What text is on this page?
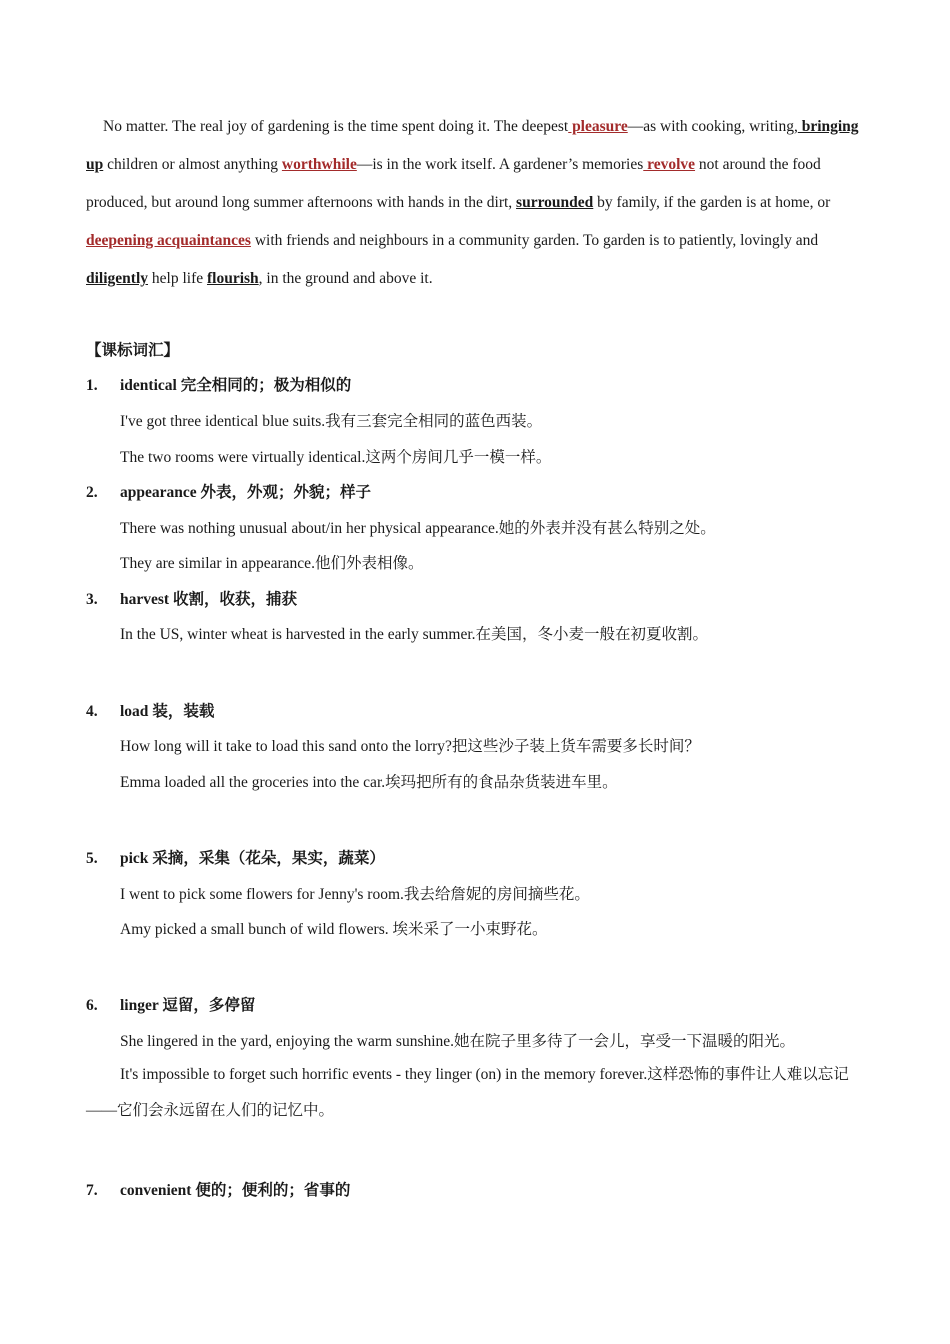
No matter. The real joy of gardening is the time spent doing it. The deepest pleasure—as with cooking, writing, bringing up children or almost anything worthwhile—is in the work itself. A gardener’s memories revolve not around the food produced, but around long summer afternoons with hands in the dirt, surrounded by family, if the garden is at home, or deepening acquaintances with friends and neighbours in a community garden. To garden is to patiently, lovingly and diligently help life flourish, in the ground and above it.
【课标词汇】
1. identical 完全相同的；极为相似的
I've got three identical blue suits.我有三套完全相同的蓝色西装。
The two rooms were virtually identical.这两个房间几乎一模一样。
2. appearance 外表，外观；外貌；样子
There was nothing unusual about/in her physical appearance.她的外表并没有甚么特别之处。
They are similar in appearance.他们外表相像。
3. harvest 收割，收获，捕获
In the US, winter wheat is harvested in the early summer.在美国，冬小麦一般在初夏收割。
4. load 装，装载
How long will it take to load this sand onto the lorry?把这些沙子装上货车需要多长时间？
Emma loaded all the groceries into the car.埃玛把所有的食品杂货装进车里。
5. pick 采摘，采集（花朵，果实，蔬菜）
I went to pick some flowers for Jenny's room.我去给詹妮的房间摘些花。
Amy picked a small bunch of wild flowers. 埃米采了一小束野花。
6. linger 逗留，多停留
She lingered in the yard, enjoying the warm sunshine.她在院子里多待了一会儿，享受一下温暖的阳光。
It's impossible to forget such horrific events - they linger (on) in the memory forever.这样恐怖的事件让人难以忘记——它们会永远留在人们的记忆中。
7. convenient 便的；便利的；省事的
